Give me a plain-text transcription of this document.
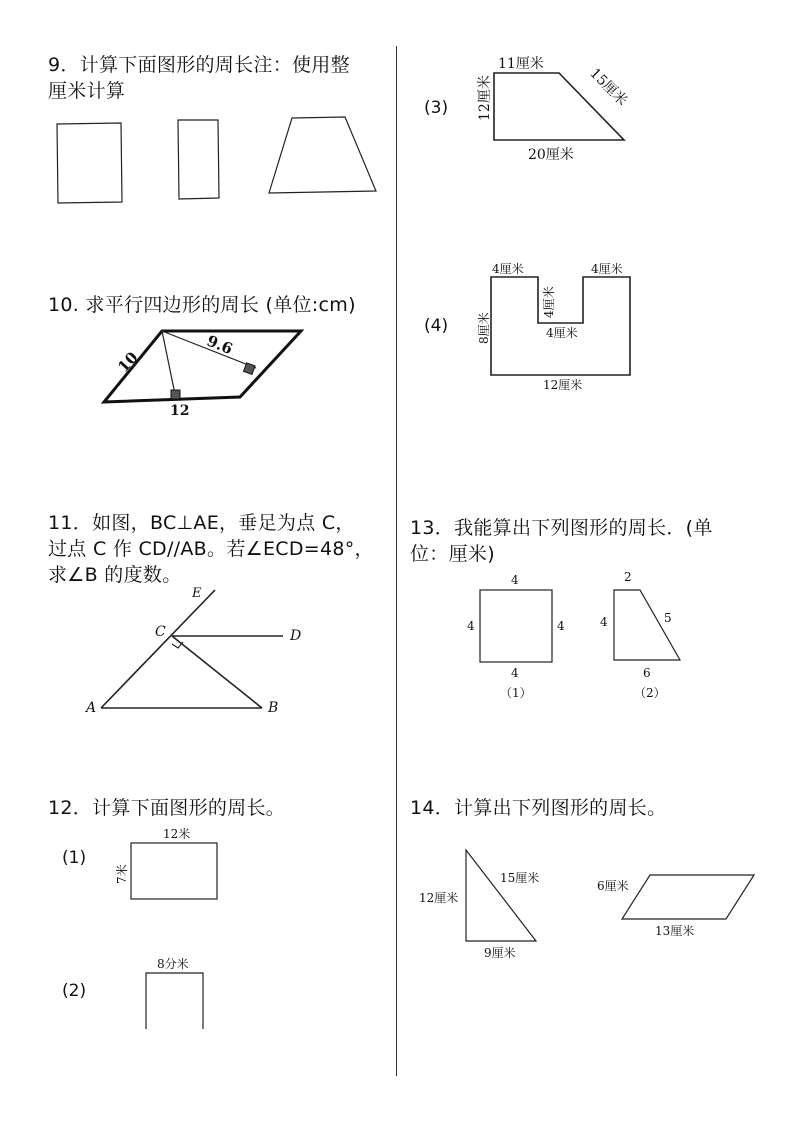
9．计算下面图形的周长注：使用整
厘米计算
10
9.6
12
A	B
C	D
E
12米
7米
8分米
11厘米
15厘米
12厘米
20厘米
4厘米	4厘米
4厘米
4厘米
8厘米
12厘米
4
4	4
4
（1）
2
4	5
6
（2）
15厘米
12厘米
9厘米
6厘米
13厘米
10. 求平行四边形的周长 (单位:cm)
11．如图，BC⊥AE，垂足为点 C，
过点 C 作 CD//AB。若∠ECD=48°，
求∠B 的度数。
12．计算下面图形的周长。
(1)
(2)
(3)
(4)
13．我能算出下列图形的周长．(单
位：厘米)
14．计算出下列图形的周长。
